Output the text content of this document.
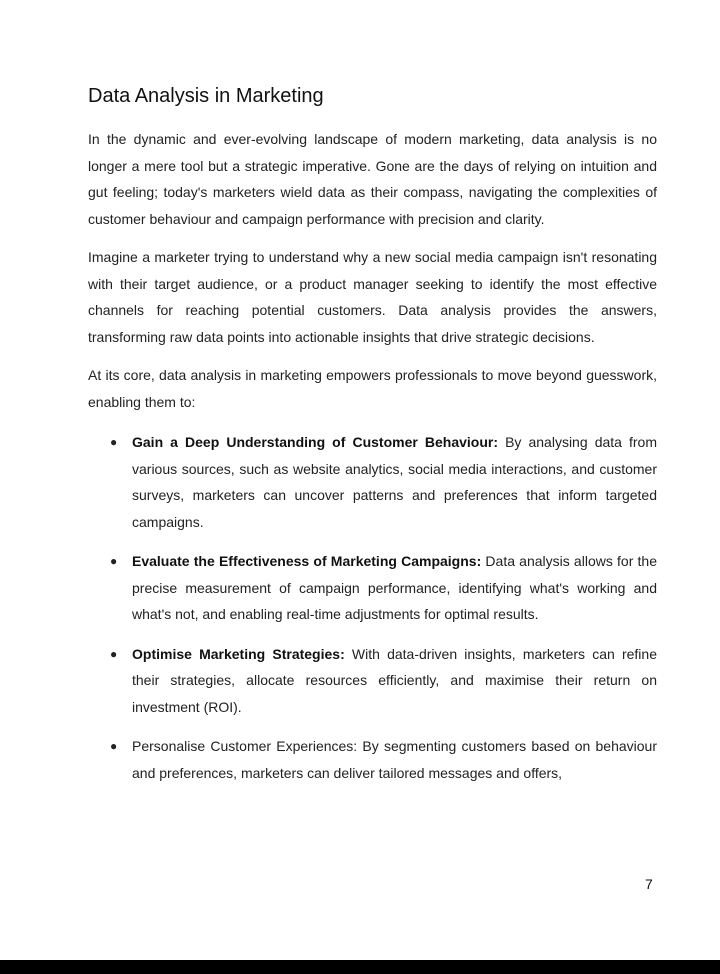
Data Analysis in Marketing

In the dynamic and ever-evolving landscape of modern marketing, data analysis is no longer a mere tool but a strategic imperative. Gone are the days of relying on intuition and gut feeling; today's marketers wield data as their compass, navigating the complexities of customer behaviour and campaign performance with precision and clarity.

Imagine a marketer trying to understand why a new social media campaign isn't resonating with their target audience, or a product manager seeking to identify the most effective channels for reaching potential customers. Data analysis provides the answers, transforming raw data points into actionable insights that drive strategic decisions.

At its core, data analysis in marketing empowers professionals to move beyond guesswork, enabling them to:

● Gain a Deep Understanding of Customer Behaviour: By analysing data from various sources, such as website analytics, social media interactions, and customer surveys, marketers can uncover patterns and preferences that inform targeted campaigns.
● Evaluate the Effectiveness of Marketing Campaigns: Data analysis allows for the precise measurement of campaign performance, identifying what's working and what's not, and enabling real-time adjustments for optimal results.
● Optimise Marketing Strategies: With data-driven insights, marketers can refine their strategies, allocate resources efficiently, and maximise their return on investment (ROI).
● Personalise Customer Experiences: By segmenting customers based on behaviour and preferences, marketers can deliver tailored messages and offers,
7
